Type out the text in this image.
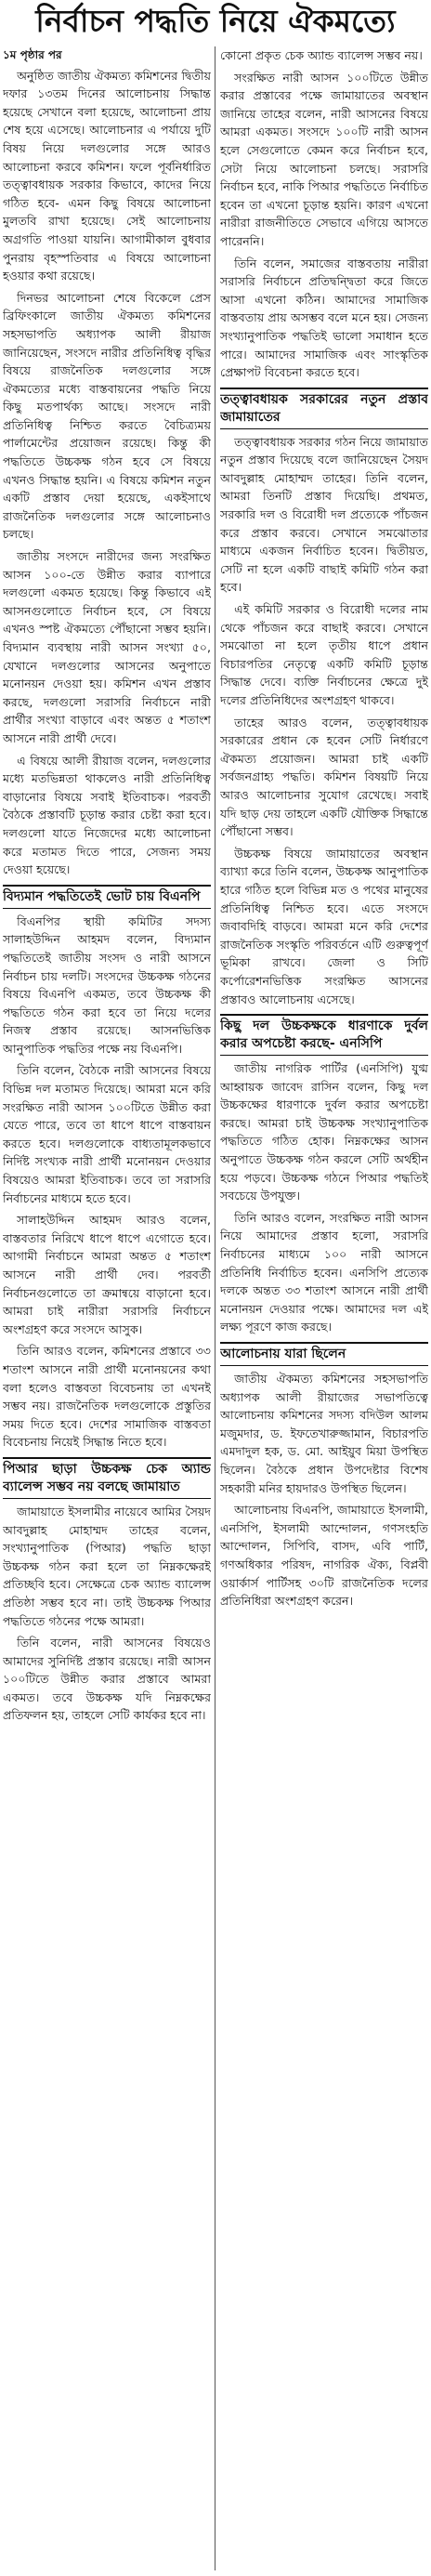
নির্বাচন পদ্ধতি নিয়ে ঐকমত্যে
১ম পৃষ্ঠার পর

অনুষ্ঠিত জাতীয় ঐকমত্য কমিশনের দ্বিতীয় দফার ১৩তম দিনের আলোচনায় সিদ্ধান্ত হয়েছে সেখানে বলা হয়েছে, আলোচনা প্রায় শেষ হয়ে এসেছে। আলোচনার এ পর্যায়ে দুটি বিষয় নিয়ে দলগুলোর সঙ্গে আরও আলোচনা করবে কমিশন। ফলে পূর্বনির্ধারিত তত্ত্বাবধায়ক সরকার কিভাবে, কাদের নিয়ে গঠিত হবে- এমন কিছু বিষয়ে আলোচনা মুলতবি রাখা হয়েছে। সেই আলোচনায় অগ্রগতি পাওয়া যায়নি। আগামীকাল বুধবার পুনরায় বৃহস্পতিবার এ বিষয়ে আলোচনা হওয়ার কথা রয়েছে।

দিনভর আলোচনা শেষে বিকেলে প্রেস ব্রিফিংকালে জাতীয় ঐকমত্য কমিশনের সহসভাপতি অধ্যাপক আলী রীয়াজ জানিয়েছেন, সংসদে নারীর প্রতিনিধিত্ব বৃদ্ধির বিষয়ে রাজনৈতিক দলগুলোর সঙ্গে ঐকমত্যের মধ্যে বাস্তবায়নের পদ্ধতি নিয়ে কিছু মতপার্থক্য আছে। সংসদে নারী প্রতিনিধিত্ব নিশ্চিত করতে বৈচিত্র্যময় পার্লামেন্টের প্রয়োজন রয়েছে। কিন্তু কী পদ্ধতিতে উচ্চকক্ষ গঠন হবে সে বিষয়ে এখনও সিদ্ধান্ত হয়নি। এ বিষয়ে কমিশন নতুন একটি প্রস্তাব দেয়া হয়েছে, একইসাথে রাজনৈতিক দলগুলোর সঙ্গে আলোচনাও চলছে।

জাতীয় সংসদে নারীদের জন্য সংরক্ষিত আসন ১০০-তে উন্নীত করার ব্যাপারে দলগুলো একমত হয়েছে। কিন্তু কিভাবে এই আসনগুলোতে নির্বাচন হবে, সে বিষয়ে এখনও স্পষ্ট ঐকমত্যে পৌঁছানো সম্ভব হয়নি। বিদ্যমান ব্যবস্থায় নারী আসন সংখ্যা ৫০, যেখানে দলগুলোর আসনের অনুপাতে মনোনয়ন দেওয়া হয়। কমিশন এখন প্রস্তাব করছে, দলগুলো সরাসরি নির্বাচনে নারী প্রার্থীর সংখ্যা বাড়াবে এবং অন্তত ৫ শতাংশ আসনে নারী প্রার্থী দেবে।

এ বিষয়ে আলী রীয়াজ বলেন, দলগুলোর মধ্যে মতভিন্নতা থাকলেও নারী প্রতিনিধিত্ব বাড়ানোর বিষয়ে সবাই ইতিবাচক। পরবর্তী বৈঠকে প্রস্তাবটি চূড়ান্ত করার চেষ্টা করা হবে। দলগুলো যাতে নিজেদের মধ্যে আলোচনা করে মতামত দিতে পারে, সেজন্য সময় দেওয়া হয়েছে।

বিদ্যমান পদ্ধতিতেই ভোট চায় বিএনপি

বিএনপির স্থায়ী কমিটির সদস্য সালাহউদ্দিন আহমদ বলেন, বিদ্যমান পদ্ধতিতেই জাতীয় সংসদ ও নারী আসনে নির্বাচন চায় দলটি। সংসদের উচ্চকক্ষ গঠনের বিষয়ে বিএনপি একমত, তবে উচ্চকক্ষ কী পদ্ধতিতে গঠন করা হবে তা নিয়ে দলের নিজস্ব প্রস্তাব রয়েছে। আসনভিত্তিক আনুপাতিক পদ্ধতির পক্ষে নয় বিএনপি।

তিনি বলেন, বৈঠকে নারী আসনের বিষয়ে বিভিন্ন দল মতামত দিয়েছে। আমরা মনে করি সংরক্ষিত নারী আসন ১০০টিতে উন্নীত করা যেতে পারে, তবে তা ধাপে ধাপে বাস্তবায়ন করতে হবে। দলগুলোকে বাধ্যতামূলকভাবে নির্দিষ্ট সংখ্যক নারী প্রার্থী মনোনয়ন দেওয়ার বিষয়েও আমরা ইতিবাচক। তবে তা সরাসরি নির্বাচনের মাধ্যমে হতে হবে।

সালাহউদ্দিন আহমদ আরও বলেন, বাস্তবতার নিরিখে ধাপে ধাপে এগোতে হবে। আগামী নির্বাচনে আমরা অন্তত ৫ শতাংশ আসনে নারী প্রার্থী দেব। পরবর্তী নির্বাচনগুলোতে তা ক্রমান্বয়ে বাড়ানো হবে। আমরা চাই নারীরা সরাসরি নির্বাচনে অংশগ্রহণ করে সংসদে আসুক।

তিনি আরও বলেন, কমিশনের প্রস্তাবে ৩৩ শতাংশ আসনে নারী প্রার্থী মনোনয়নের কথা বলা হলেও বাস্তবতা বিবেচনায় তা এখনই সম্ভব নয়। রাজনৈতিক দলগুলোকে প্রস্তুতির সময় দিতে হবে। দেশের সামাজিক বাস্তবতা বিবেচনায় নিয়েই সিদ্ধান্ত নিতে হবে।

পিআর ছাড়া উচ্চকক্ষ চেক অ্যান্ড ব্যালেন্স সম্ভব নয় বলছে জামায়াত

জামায়াতে ইসলামীর নায়েবে আমির সৈয়দ আবদুল্লাহ মোহাম্মদ তাহের বলেন, সংখ্যানুপাতিক (পিআর) পদ্ধতি ছাড়া উচ্চকক্ষ গঠন করা হলে তা নিম্নকক্ষেরই প্রতিচ্ছবি হবে। সেক্ষেত্রে চেক অ্যান্ড ব্যালেন্স প্রতিষ্ঠা সম্ভব হবে না। তাই উচ্চকক্ষ পিআর পদ্ধতিতে গঠনের পক্ষে আমরা।

তিনি বলেন, নারী আসনের বিষয়েও আমাদের সুনির্দিষ্ট প্রস্তাব রয়েছে। নারী আসন ১০০টিতে উন্নীত করার প্রস্তাবে আমরা একমত। তবে উচ্চকক্ষ যদি নিম্নকক্ষের প্রতিফলন হয়, তাহলে সেটি কার্যকর হবে না।

কোনো প্রকৃত চেক অ্যান্ড ব্যালেন্স সম্ভব নয়।

সংরক্ষিত নারী আসন ১০০টিতে উন্নীত করার প্রস্তাবের পক্ষে জামায়াতের অবস্থান জানিয়ে তাহের বলেন, নারী আসনের বিষয়ে আমরা একমত। সংসদে ১০০টি নারী আসন হলে সেগুলোতে কেমন করে নির্বাচন হবে, সেটা নিয়ে আলোচনা চলছে। সরাসরি নির্বাচন হবে, নাকি পিআর পদ্ধতিতে নির্বাচিত হবেন তা এখনো চূড়ান্ত হয়নি। কারণ এখনো নারীরা রাজনীতিতে সেভাবে এগিয়ে আসতে পারেননি।

তিনি বলেন, সমাজের বাস্তবতায় নারীরা সরাসরি নির্বাচনে প্রতিদ্বন্দ্বিতা করে জিতে আসা এখনো কঠিন। আমাদের সামাজিক বাস্তবতায় প্রায় অসম্ভব বলে মনে হয়। সেজন্য সংখ্যানুপাতিক পদ্ধতিই ভালো সমাধান হতে পারে। আমাদের সামাজিক এবং সাংস্কৃতিক প্রেক্ষাপট বিবেচনা করতে হবে।

তত্ত্বাবধায়ক সরকারের নতুন প্রস্তাব জামায়াতের

তত্ত্বাবধায়ক সরকার গঠন নিয়ে জামায়াত নতুন প্রস্তাব দিয়েছে বলে জানিয়েছেন সৈয়দ আবদুল্লাহ মোহাম্মদ তাহের। তিনি বলেন, আমরা তিনটি প্রস্তাব দিয়েছি। প্রথমত, সরকারি দল ও বিরোধী দল প্রত্যেকে পাঁচজন করে প্রস্তাব করবে। সেখানে সমঝোতার মাধ্যমে একজন নির্বাচিত হবেন। দ্বিতীয়ত, সেটি না হলে একটি বাছাই কমিটি গঠন করা হবে।

এই কমিটি সরকার ও বিরোধী দলের নাম থেকে পাঁচজন করে বাছাই করবে। সেখানে সমঝোতা না হলে তৃতীয় ধাপে প্রধান বিচারপতির নেতৃত্বে একটি কমিটি চূড়ান্ত সিদ্ধান্ত দেবে। ব্যক্তি নির্বাচনের ক্ষেত্রে দুই দলের প্রতিনিধিদের অংশগ্রহণ থাকবে।

তাহের আরও বলেন, তত্ত্বাবধায়ক সরকারের প্রধান কে হবেন সেটি নির্ধারণে ঐকমত্য প্রয়োজন। আমরা চাই একটি সর্বজনগ্রাহ্য পদ্ধতি। কমিশন বিষয়টি নিয়ে আরও আলোচনার সুযোগ রেখেছে। সবাই যদি ছাড় দেয় তাহলে একটি যৌক্তিক সিদ্ধান্তে পৌঁছানো সম্ভব।

উচ্চকক্ষ বিষয়ে জামায়াতের অবস্থান ব্যাখ্যা করে তিনি বলেন, উচ্চকক্ষ আনুপাতিক হারে গঠিত হলে বিভিন্ন মত ও পথের মানুষের প্রতিনিধিত্ব নিশ্চিত হবে। এতে সংসদে জবাবদিহি বাড়বে। আমরা মনে করি দেশের রাজনৈতিক সংস্কৃতি পরিবর্তনে এটি গুরুত্বপূর্ণ ভূমিকা রাখবে। জেলা ও সিটি কর্পোরেশনভিত্তিক সংরক্ষিত আসনের প্রস্তাবও আলোচনায় এসেছে।

কিছু দল উচ্চকক্ষকে ধারণাকে দুর্বল করার অপচেষ্টা করছে- এনসিপি

জাতীয় নাগরিক পার্টির (এনসিপি) যুগ্ম আহ্বায়ক জাবেদ রাসিন বলেন, কিছু দল উচ্চকক্ষের ধারণাকে দুর্বল করার অপচেষ্টা করছে। আমরা চাই উচ্চকক্ষ সংখ্যানুপাতিক পদ্ধতিতে গঠিত হোক। নিম্নকক্ষের আসন অনুপাতে উচ্চকক্ষ গঠন করলে সেটি অর্থহীন হয়ে পড়বে। উচ্চকক্ষ গঠনে পিআর পদ্ধতিই সবচেয়ে উপযুক্ত।

তিনি আরও বলেন, সংরক্ষিত নারী আসন নিয়ে আমাদের প্রস্তাব হলো, সরাসরি নির্বাচনের মাধ্যমে ১০০ নারী আসনে প্রতিনিধি নির্বাচিত হবেন। এনসিপি প্রত্যেক দলকে অন্তত ৩৩ শতাংশ আসনে নারী প্রার্থী মনোনয়ন দেওয়ার পক্ষে। আমাদের দল এই লক্ষ্য পূরণে কাজ করছে।

আলোচনায় যারা ছিলেন

জাতীয় ঐকমত্য কমিশনের সহসভাপতি অধ্যাপক আলী রীয়াজের সভাপতিত্বে আলোচনায় কমিশনের সদস্য বদিউল আলম মজুমদার, ড. ইফতেখারুজ্জামান, বিচারপতি এমদাদুল হক, ড. মো. আইয়ুব মিয়া উপস্থিত ছিলেন। বৈঠকে প্রধান উপদেষ্টার বিশেষ সহকারী মনির হায়দারও উপস্থিত ছিলেন।

আলোচনায় বিএনপি, জামায়াতে ইসলামী, এনসিপি, ইসলামী আন্দোলন, গণসংহতি আন্দোলন, সিপিবি, বাসদ, এবি পার্টি, গণঅধিকার পরিষদ, নাগরিক ঐক্য, বিপ্লবী ওয়ার্কার্স পার্টিসহ ৩০টি রাজনৈতিক দলের প্রতিনিধিরা অংশগ্রহণ করেন।
